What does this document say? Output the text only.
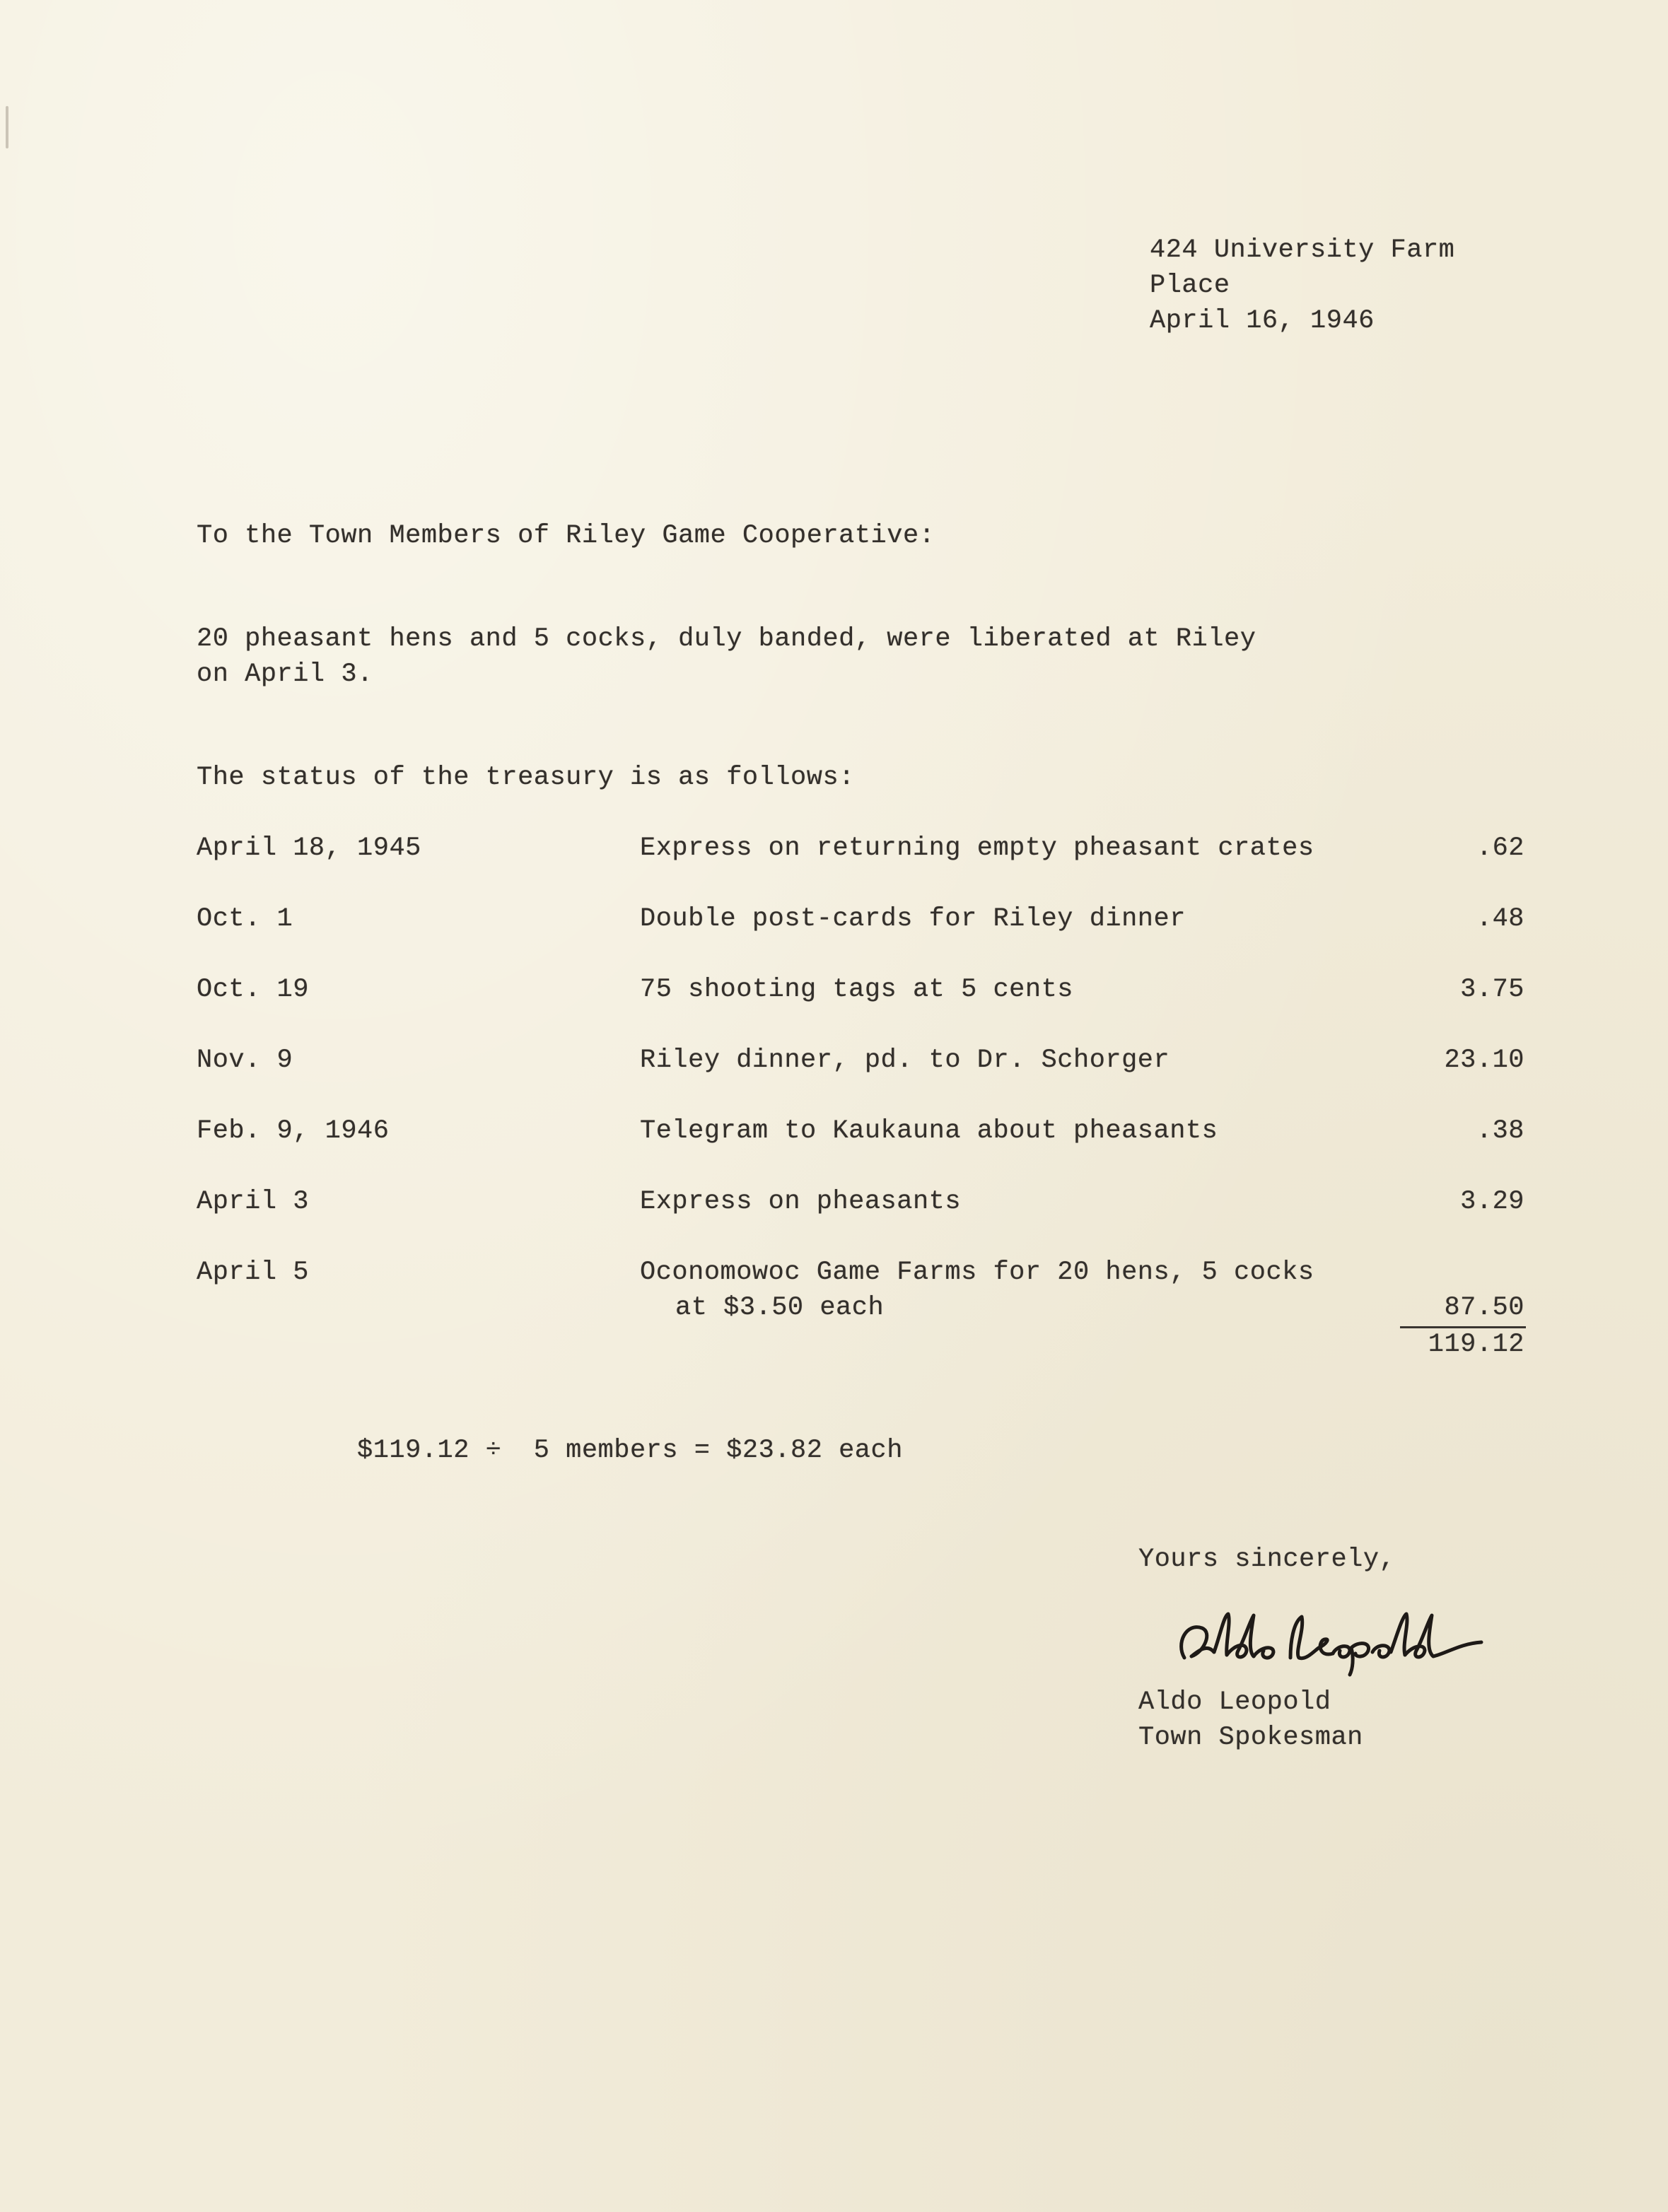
424 University Farm
Place
April 16, 1946
To the Town Members of Riley Game Cooperative:
20 pheasant hens and 5 cocks, duly banded, were liberated at Riley
on April 3.
The status of the treasury is as follows:
April 18, 1945	Express on returning empty pheasant crates	.62
Oct. 1	Double post-cards for Riley dinner	.48
Oct. 19	75 shooting tags at 5 cents	3.75
Nov. 9	Riley dinner, pd. to Dr. Schorger	23.10
Feb. 9, 1946	Telegram to Kaukauna about pheasants	.38
April 3	Express on pheasants	3.29
April 5	Oconomowoc Game Farms for 20 hens, 5 cocks
at $3.50 each	87.50
119.12
$119.12 ÷  5 members = $23.82 each
Yours sincerely,
Aldo Leopold
Town Spokesman
